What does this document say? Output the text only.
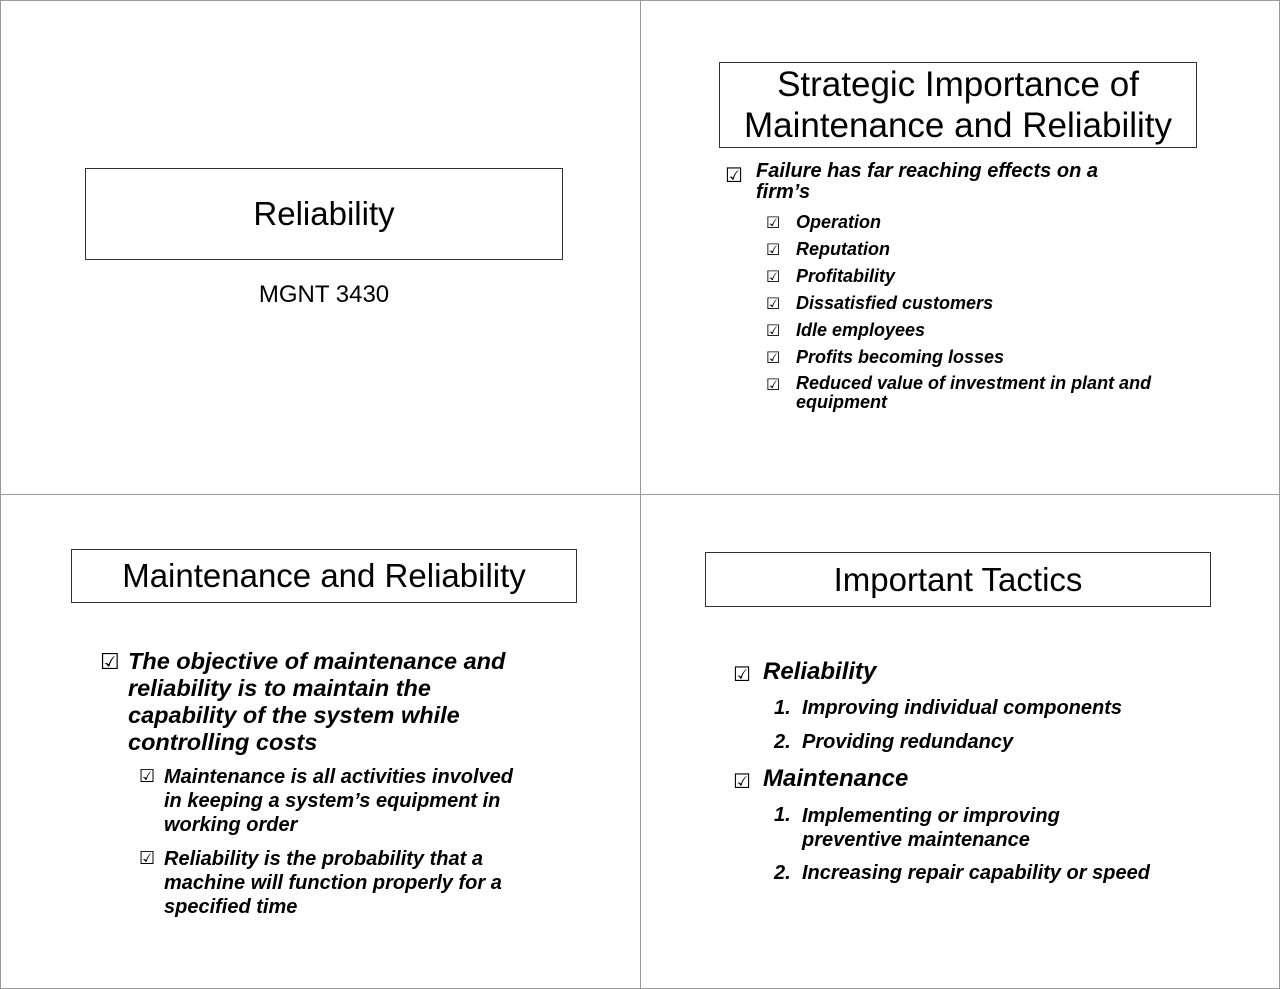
Reliability
MGNT 3430
Strategic Importance of
Maintenance and Reliability
☑ Failure has far reaching effects on a
firm’s
☑ Operation
☑ Reputation
☑ Profitability
☑ Dissatisfied customers
☑ Idle employees
☑ Profits becoming losses
☑ Reduced value of investment in plant and
equipment
Maintenance and Reliability
☑ The objective of maintenance and
reliability is to maintain the
capability of the system while
controlling costs
☑ Maintenance is all activities involved
in keeping a system’s equipment in
working order
☑ Reliability is the probability that a
machine will function properly for a
specified time
Important Tactics
☑ Reliability
1. Improving individual components
2. Providing redundancy
☑ Maintenance
1. Implementing or improving
preventive maintenance
2. Increasing repair capability or speed
